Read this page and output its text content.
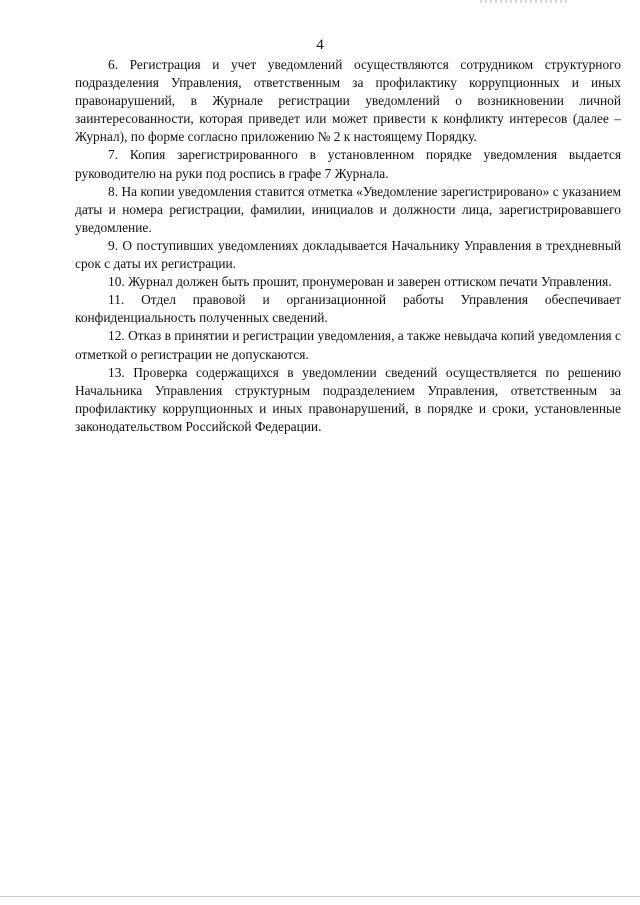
4

6. Регистрация и учет уведомлений осуществляются сотрудником структурного подразделения Управления, ответственным за профилактику коррупционных и иных правонарушений, в Журнале регистрации уведомлений о возникновении личной заинтересованности, которая приведет или может привести к конфликту интересов (далее – Журнал), по форме согласно приложению № 2 к настоящему Порядку.

7. Копия зарегистрированного в установленном порядке уведомления выдается руководителю на руки под роспись в графе 7 Журнала.

8. На копии уведомления ставится отметка «Уведомление зарегистрировано» с указанием даты и номера регистрации, фамилии, инициалов и должности лица, зарегистрировавшего уведомление.

9. О поступивших уведомлениях докладывается Начальнику Управления в трехдневный срок с даты их регистрации.

10. Журнал должен быть прошит, пронумерован и заверен оттиском печати Управления.

11. Отдел правовой и организационной работы Управления обеспечивает конфиденциальность полученных сведений.

12. Отказ в принятии и регистрации уведомления, а также невыдача копий уведомления с отметкой о регистрации не допускаются.

13. Проверка содержащихся в уведомлении сведений осуществляется по решению Начальника Управления структурным подразделением Управления, ответственным за профилактику коррупционных и иных правонарушений, в порядке и сроки, установленные законодательством Российской Федерации.
